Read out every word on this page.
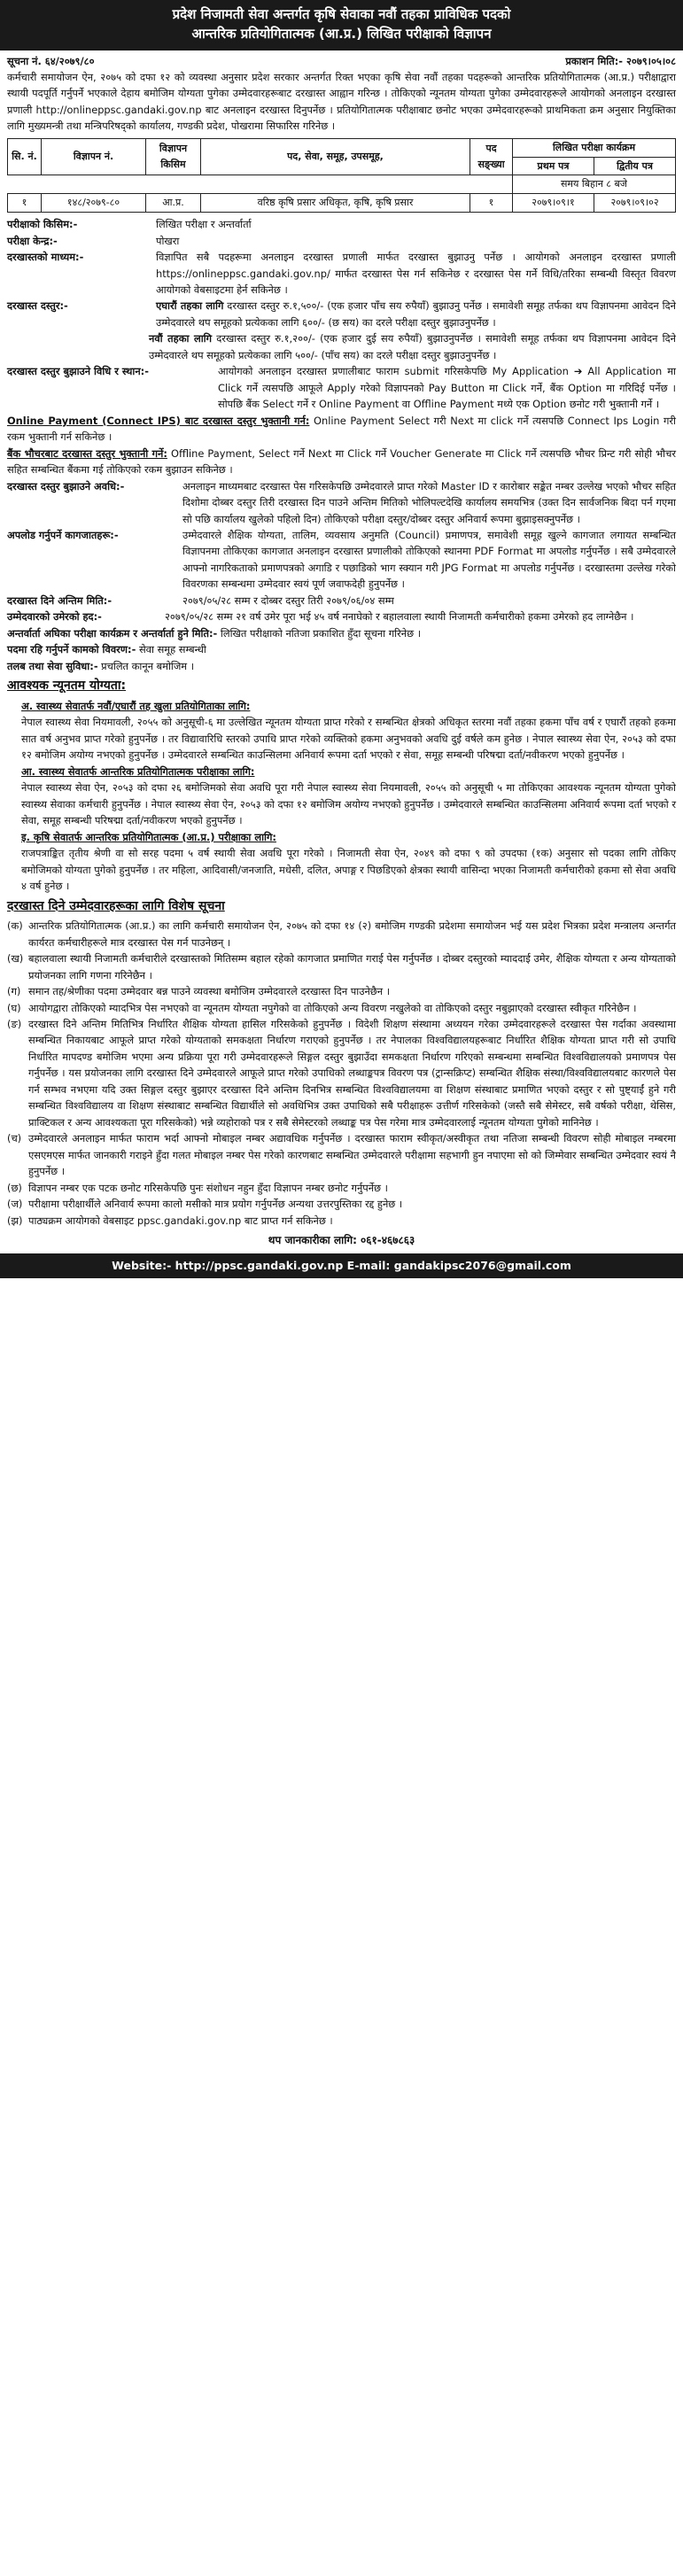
प्रदेश निजामती सेवा अन्तर्गत कृषि सेवाका नवौं तहका प्राविधिक पदको
आन्तरिक प्रतियोगितात्मक (आ.प्र.) लिखित परीक्षाको विज्ञापन
सूचना नं. ६४/२०७९/८०	प्रकाशन मिति:- २०७९।०५।०८
कर्मचारी समायोजन ऐन, २०७५ को दफा १२ को व्यवस्था अनुसार प्रदेश सरकार अन्तर्गत रिक्त भएका कृषि सेवा नवौं तहका पदहरूको आन्तरिक प्रतियोगितात्मक (आ.प्र.) परीक्षाद्वारा स्थायी पदपूर्ति गर्नुपर्ने भएकाले देहाय बमोजिम योग्यता पुगेका उम्मेदवारहरूबाट दरखास्त आह्वान गरिन्छ । तोकिएको न्यूनतम योग्यता पुगेका उम्मेदवारहरूले आयोगको अनलाइन दरखास्त प्रणाली http://onlineppsc.gandaki.gov.np बाट अनलाइन दरखास्त दिनुपर्नेछ । प्रतियोगितात्मक परीक्षाबाट छनोट भएका उम्मेदवारहरूको प्राथमिकता क्रम अनुसार नियुक्तिका लागि मुख्यमन्त्री तथा मन्त्रिपरिषद्को कार्यालय, गण्डकी प्रदेश, पोखरामा सिफारिस गरिनेछ ।
सि. नं.	विज्ञापन नं.	विज्ञापन किसिम	पद, सेवा, समूह, उपसमूह,	पद सङ्ख्या	लिखित परीक्षा कार्यक्रम	
					प्रथम पत्र	द्वितीय पत्र
					समय बिहान ८ बजे	
१	१४८/२०७९-८०	आ.प्र.	वरिष्ठ कृषि प्रसार अधिकृत, कृषि, कृषि प्रसार	१	२०७९।०९।१	२०७९।०९।०२
परीक्षाको किसिम:-	लिखित परीक्षा र अन्तर्वार्ता
परीक्षा केन्द्र:-	पोखरा
दरखास्तको माध्यम:-	विज्ञापित सबै पदहरूमा अनलाइन दरखास्त प्रणाली मार्फत दरखास्त बुझाउनु पर्नेछ । आयोगको अनलाइन दरखास्त प्रणाली https://onlineppsc.gandaki.gov.np/ मार्फत दरखास्त पेस गर्न सकिनेछ र दरखास्त पेस गर्ने विधि/तरिका सम्बन्धी विस्तृत विवरण आयोगको वेबसाइटमा हेर्न सकिनेछ ।
दरखास्त दस्तुर:-	एघारौं तहका लागि दरखास्त दस्तुर रु.१,५००/- (एक हजार पाँच सय रुपैयाँ) बुझाउनु पर्नेछ । समावेशी समूह तर्फका थप विज्ञापनमा आवेदन दिने उम्मेदवारले थप समूहको प्रत्येकका लागि ६००/- (छ सय) का दरले परीक्षा दस्तुर बुझाउनुपर्नेछ ।
नवौं तहका लागि दरखास्त दस्तुर रु.१,२००/- (एक हजार दुई सय रुपैयाँ) बुझाउनुपर्नेछ । समावेशी समूह तर्फका थप विज्ञापनमा आवेदन दिने उम्मेदवारले थप समूहको प्रत्येकका लागि ५००/- (पाँच सय) का दरले परीक्षा दस्तुर बुझाउनुपर्नेछ ।
दरखास्त दस्तुर बुझाउने विधि र स्थान:-	आयोगको अनलाइन दरखास्त प्रणालीबाट फाराम submit गरिसकेपछि My Application ➔ All Application मा Click गर्ने त्यसपछि आफूले Apply गरेको विज्ञापनको Pay Button मा Click गर्ने, बैंक Option मा गरिदिई पर्नेछ । सोपछि बैंक Select गर्ने र Online Payment वा Offline Payment मध्ये एक Option छनोट गरी भुक्तानी गर्ने ।
Online Payment (Connect IPS) बाट दरखास्त दस्तुर भुक्तानी गर्न: Online Payment Select गरी Next मा click गर्ने त्यसपछि Connect Ips Login गरी रकम भुक्तानी गर्न सकिनेछ ।
बैंक भौचरबाट दरखास्त दस्तुर भुक्तानी गर्ने: Offline Payment, Select गर्ने Next मा Click गर्ने Voucher Generate मा Click गर्ने त्यसपछि भौचर प्रिन्ट गरी सोही भौचर सहित सम्बन्धित बैंकमा गई तोकिएको रकम बुझाउन सकिनेछ ।
दरखास्त दस्तुर बुझाउने अवधि:-	अनलाइन माध्यमबाट दरखास्त पेस गरिसकेपछि उम्मेदवारले प्राप्त गरेको Master ID र कारोबार सङ्केत नम्बर उल्लेख भएको भौचर सहित दिशोमा दोब्बर दस्तुर तिरी दरखास्त दिन पाउने अन्तिम मितिको भोलिपल्टदेखि कार्यालय समयभित्र (उक्त दिन सार्वजनिक बिदा पर्न गएमा सो पछि कार्यालय खुलेको पहिलो दिन) तोकिएको परीक्षा दस्तुर/दोब्बर दस्तुर अनिवार्य रूपमा बुझाइसक्नुपर्नेछ ।
अपलोड गर्नुपर्ने कागजातहरू:-	उम्मेदवारले शैक्षिक योग्यता, तालिम, व्यवसाय अनुमति (Council) प्रमाणपत्र, समावेशी समूह खुल्ने कागजात लगायत सम्बन्धित विज्ञापनमा तोकिएका कागजात अनलाइन दरखास्त प्रणालीको तोकिएको स्थानमा PDF Format मा अपलोड गर्नुपर्नेछ । सबै उम्मेदवारले आफ्नो नागरिकताको प्रमाणपत्रको अगाडि र पछाडिको भाग स्क्यान गरी JPG Format मा अपलोड गर्नुपर्नेछ । दरखास्तमा उल्लेख गरेको विवरणका सम्बन्धमा उम्मेदवार स्वयं पूर्ण जवाफदेही हुनुपर्नेछ ।
दरखास्त दिने अन्तिम मिति:-	२०७९/०५/२८ सम्म र दोब्बर दस्तुर तिरी २०७९/०६/०४ सम्म
उम्मेदवारको उमेरको हद:-	२०७९/०५/२८ सम्म २१ वर्ष उमेर पूरा भई ४५ वर्ष ननाघेको र बहालवाला स्थायी निजामती कर्मचारीको हकमा उमेरको हद लाग्नेछैन ।
अन्तर्वार्ता अघिका परीक्षा कार्यक्रम र अन्तर्वार्ता हुने मिति:- लिखित परीक्षाको नतिजा प्रकाशित हुँदा सूचना गरिनेछ ।
पदमा रहि गर्नुपर्ने कामको विवरण:- सेवा समूह सम्बन्धी
तलब तथा सेवा सुविधा:- प्रचलित कानून बमोजिम ।
आवश्यक न्यूनतम योग्यता:
अ. स्वास्थ्य सेवातर्फ नवौं/एघारौं तह खुला प्रतियोगिताका लागि:
नेपाल स्वास्थ्य सेवा नियमावली, २०५५ को अनुसूची-६ मा उल्लेखित न्यूनतम योग्यता प्राप्त गरेको र सम्बन्धित क्षेत्रको अधिकृत स्तरमा नवौं तहका हकमा पाँच वर्ष र एघारौं तहको हकमा सात वर्ष अनुभव प्राप्त गरेको हुनुपर्नेछ । तर विद्यावारिधि स्तरको उपाधि प्राप्त गरेको व्यक्तिको हकमा अनुभवको अवधि दुई वर्षले कम हुनेछ । नेपाल स्वास्थ्य सेवा ऐन, २०५३ को दफा १२ बमोजिम अयोग्य नभएको हुनुपर्नेछ । उम्मेदवारले सम्बन्धित काउन्सिलमा अनिवार्य रूपमा दर्ता भएको र सेवा, समूह सम्बन्धी परिषद्मा दर्ता/नवीकरण भएको हुनुपर्नेछ ।
आ. स्वास्थ्य सेवातर्फ आन्तरिक प्रतियोगितात्मक परीक्षाका लागि:
नेपाल स्वास्थ्य सेवा ऐन, २०५३ को दफा २६ बमोजिमको सेवा अवधि पूरा गरी नेपाल स्वास्थ्य सेवा नियमावली, २०५५ को अनुसूची ५ मा तोकिएका आवश्यक न्यूनतम योग्यता पुगेको स्वास्थ्य सेवाका कर्मचारी हुनुपर्नेछ । नेपाल स्वास्थ्य सेवा ऐन, २०५३ को दफा १२ बमोजिम अयोग्य नभएको हुनुपर्नेछ । उम्मेदवारले सम्बन्धित काउन्सिलमा अनिवार्य रूपमा दर्ता भएको र सेवा, समूह सम्बन्धी परिषद्मा दर्ता/नवीकरण भएको हुनुपर्नेछ ।
इ. कृषि सेवातर्फ आन्तरिक प्रतियोगितात्मक (आ.प्र.) परीक्षाका लागि:
राजपत्राङ्कित तृतीय श्रेणी वा सो सरह पदमा ५ वर्ष स्थायी सेवा अवधि पूरा गरेको । निजामती सेवा ऐन, २०४९ को दफा ९ को उपदफा (१क) अनुसार सो पदका लागि तोकिए बमोजिमको योग्यता पुगेको हुनुपर्नेछ । तर महिला, आदिवासी/जनजाति, मधेसी, दलित, अपाङ्ग र पिछडिएको क्षेत्रका स्थायी वासिन्दा भएका निजामती कर्मचारीको हकमा सो सेवा अवधि ४ वर्ष हुनेछ ।
दरखास्त दिने उम्मेदवारहरूका लागि विशेष सूचना
(क) आन्तरिक प्रतियोगितात्मक (आ.प्र.) का लागि कर्मचारी समायोजन ऐन, २०७५ को दफा १४ (२) बमोजिम गण्डकी प्रदेशमा समायोजन भई यस प्रदेश भित्रका प्रदेश मन्त्रालय अन्तर्गत कार्यरत कर्मचारीहरूले मात्र दरखास्त पेस गर्न पाउनेछन् ।
(ख) बहालवाला स्थायी निजामती कर्मचारीले दरखास्तको मितिसम्म बहाल रहेको कागजात प्रमाणित गराई पेस गर्नुपर्नेछ । दोब्बर दस्तुरको म्याददाई उमेर, शैक्षिक योग्यता र अन्य योग्यताको प्रयोजनका लागि गणना गरिनेछैन ।
(ग) समान तह/श्रेणीका पदमा उम्मेदवार बन्न पाउने व्यवस्था बमोजिम उम्मेदवारले दरखास्त दिन पाउनेछैन ।
(घ) आयोगद्वारा तोकिएको म्यादभित्र पेस नभएको वा न्यूनतम योग्यता नपुगेको वा तोकिएको अन्य विवरण नखुलेको वा तोकिएको दस्तुर नबुझाएको दरखास्त स्वीकृत गरिनेछैन ।
(ङ) दरखास्त दिने अन्तिम मितिभित्र निर्धारित शैक्षिक योग्यता हासिल गरिसकेको हुनुपर्नेछ । विदेशी शिक्षण संस्थामा अध्ययन गरेका उम्मेदवारहरूले दरखास्त पेस गर्दाका अवस्थामा सम्बन्धित निकायबाट आफूले प्राप्त गरेको योग्यताको समकक्षता निर्धारण गराएको हुनुपर्नेछ । तर नेपालका विश्वविद्यालयहरूबाट निर्धारित शैक्षिक योग्यता प्राप्त गरी सो उपाधि निर्धारित मापदण्ड बमोजिम भएमा अन्य प्रक्रिया पूरा गरी उम्मेदवारहरूले सिङ्गल दस्तुर बुझाउँदा समकक्षता निर्धारण गरिएको सम्बन्धमा सम्बन्धित विश्वविद्यालयको प्रमाणपत्र पेस गर्नुपर्नेछ । यस प्रयोजनका लागि दरखास्त दिने उम्मेदवारले आफूले प्राप्त गरेको उपाधिको लब्धाङ्कपत्र विवरण पत्र (ट्रान्सक्रिप्ट) सम्बन्धित शैक्षिक संस्था/विश्वविद्यालयबाट कारणले पेस गर्न सम्भव नभएमा यदि उक्त सिङ्गल दस्तुर बुझाएर दरखास्त दिने अन्तिम दिनभित्र सम्बन्धित विश्वविद्यालयमा वा शिक्षण संस्थाबाट प्रमाणित भएको दस्तुर र सो पुष्ट्याईं हुने गरी सम्बन्धित विश्वविद्यालय वा शिक्षण संस्थाबाट सम्बन्धित विद्यार्थीले सो अवधिभित्र उक्त उपाधिको सबै परीक्षाहरू उत्तीर्ण गरिसकेको (जस्तै सबै सेमेस्टर, सबै वर्षको परीक्षा, थेसिस, प्राक्टिकल र अन्य आवश्यकता पूरा गरिसकेको) भन्ने व्यहोराको पत्र र सबै सेमेस्टरको लब्धाङ्क पत्र पेस गरेमा मात्र उम्मेदवारलाई न्यूनतम योग्यता पुगेको मानिनेछ ।
(च) उम्मेदवारले अनलाइन मार्फत फाराम भर्दा आफ्नो मोबाइल नम्बर अद्यावधिक गर्नुपर्नेछ । दरखास्त फाराम स्वीकृत/अस्वीकृत तथा नतिजा सम्बन्धी विवरण सोही मोबाइल नम्बरमा एसएमएस मार्फत जानकारी गराइने हुँदा गलत मोबाइल नम्बर पेस गरेको कारणबाट सम्बन्धित उम्मेदवारले परीक्षामा सहभागी हुन नपाएमा सो को जिम्मेवार सम्बन्धित उम्मेदवार स्वयं नै हुनुपर्नेछ ।
(छ) विज्ञापन नम्बर एक पटक छनोट गरिसकेपछि पुनः संशोधन नहुन हुँदा विज्ञापन नम्बर छनोट गर्नुपर्नेछ ।
(ज) परीक्षामा परीक्षार्थीले अनिवार्य रूपमा कालो मसीको मात्र प्रयोग गर्नुपर्नेछ अन्यथा उत्तरपुस्तिका रद्द हुनेछ ।
(झ) पाठ्यक्रम आयोगको वेबसाइट ppsc.gandaki.gov.np बाट प्राप्त गर्न सकिनेछ ।
थप जानकारीका लागि: ०६१-४६७८६३
Website:- http://ppsc.gandaki.gov.np E-mail: gandakipsc2076@gmail.com
